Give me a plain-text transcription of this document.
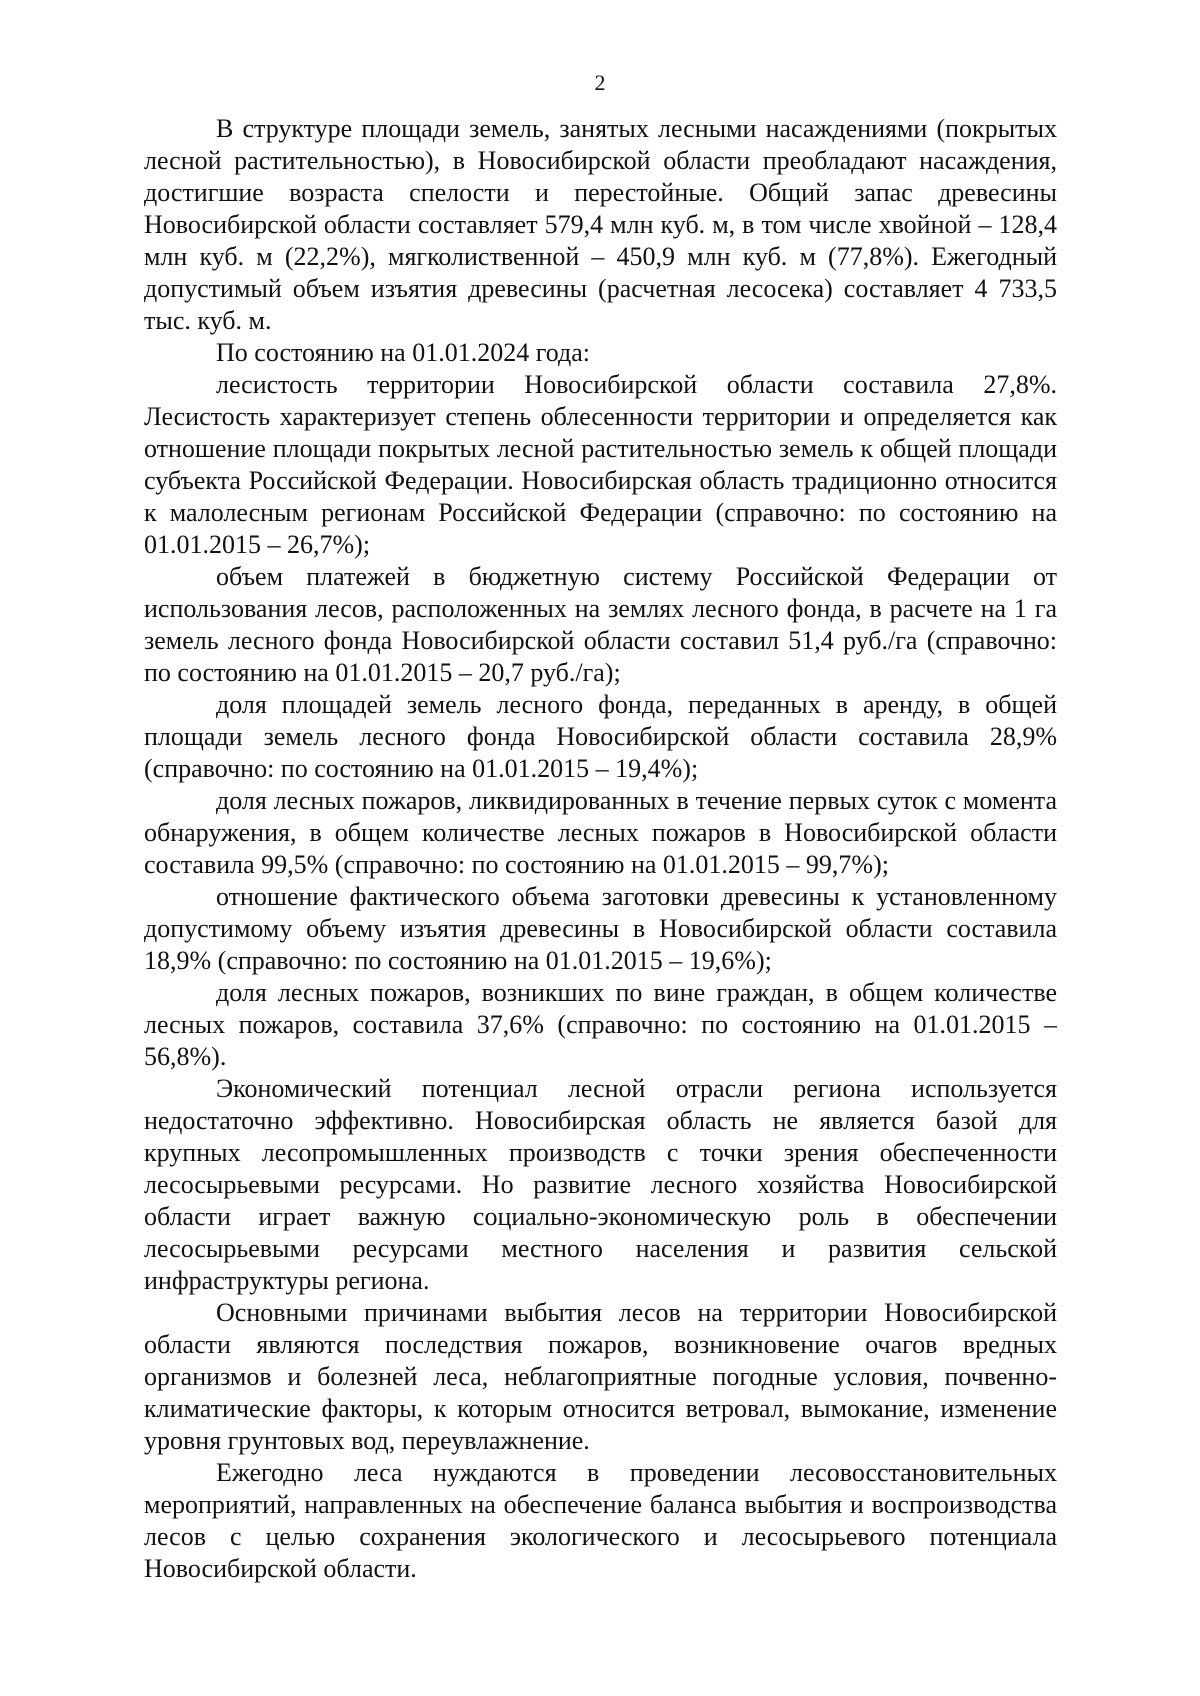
2

В структуре площади земель, занятых лесными насаждениями (покрытых лесной растительностью), в Новосибирской области преобладают насаждения, достигшие возраста спелости и перестойные. Общий запас древесины Новосибирской области составляет 579,4 млн куб. м, в том числе хвойной – 128,4 млн куб. м (22,2%), мягколиственной – 450,9 млн куб. м (77,8%). Ежегодный допустимый объем изъятия древесины (расчетная лесосека) составляет 4 733,5 тыс. куб. м.

По состоянию на 01.01.2024 года:

лесистость территории Новосибирской области составила 27,8%. Лесистость характеризует степень облесенности территории и определяется как отношение площади покрытых лесной растительностью земель к общей площади субъекта Российской Федерации. Новосибирская область традиционно относится к малолесным регионам Российской Федерации (справочно: по состоянию на 01.01.2015 – 26,7%);

объем платежей в бюджетную систему Российской Федерации от использования лесов, расположенных на землях лесного фонда, в расчете на 1 га земель лесного фонда Новосибирской области составил 51,4 руб./га (справочно: по состоянию на 01.01.2015 – 20,7 руб./га);

доля площадей земель лесного фонда, переданных в аренду, в общей площади земель лесного фонда Новосибирской области составила 28,9% (справочно: по состоянию на 01.01.2015 – 19,4%);

доля лесных пожаров, ликвидированных в течение первых суток с момента обнаружения, в общем количестве лесных пожаров в Новосибирской области составила 99,5% (справочно: по состоянию на 01.01.2015 – 99,7%);

отношение фактического объема заготовки древесины к установленному допустимому объему изъятия древесины в Новосибирской области составила 18,9% (справочно: по состоянию на 01.01.2015 – 19,6%);

доля лесных пожаров, возникших по вине граждан, в общем количестве лесных пожаров, составила 37,6% (справочно: по состоянию на 01.01.2015 – 56,8%).

Экономический потенциал лесной отрасли региона используется недостаточно эффективно. Новосибирская область не является базой для крупных лесопромышленных производств с точки зрения обеспеченности лесосырьевыми ресурсами. Но развитие лесного хозяйства Новосибирской области играет важную социально-экономическую роль в обеспечении лесосырьевыми ресурсами местного населения и развития сельской инфраструктуры региона.

Основными причинами выбытия лесов на территории Новосибирской области являются последствия пожаров, возникновение очагов вредных организмов и болезней леса, неблагоприятные погодные условия, почвенно-климатические факторы, к которым относится ветровал, вымокание, изменение уровня грунтовых вод, переувлажнение.

Ежегодно леса нуждаются в проведении лесовосстановительных мероприятий, направленных на обеспечение баланса выбытия и воспроизводства лесов с целью сохранения экологического и лесосырьевого потенциала Новосибирской области.
